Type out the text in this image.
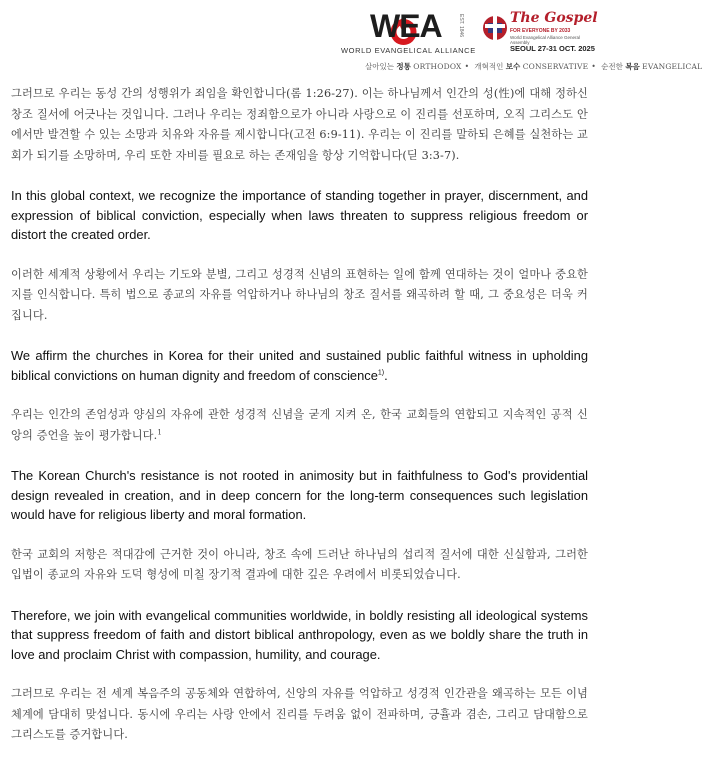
WEA	EST. 1846
WORLD EVANGELICAL ALLIANCE
The Gospel
FOR EVERYONE BY 2033
World Evangelical Alliance General Assembly
SEOUL 27-31 OCT. 2025
살아있는 정통 ORTHODOX • 개혁적인 보수 CONSERVATIVE • 순전한 복음 EVANGELICAL

그러므로 우리는 동성 간의 성행위가 죄임을 확인합니다(롬 1:26-27). 이는 하나님께서 인간의 성(性)에 대해 정하신 창조 질서에 어긋나는 것입니다. 그러나 우리는 정죄함으로가 아니라 사랑으로 이 진리를 선포하며, 오직 그리스도 안에서만 발견할 수 있는 소망과 치유와 자유를 제시합니다(고전 6:9-11). 우리는 이 진리를 말하되 은혜를 실천하는 교회가 되기를 소망하며, 우리 또한 자비를 필요로 하는 존재임을 항상 기억합니다(딛 3:3-7).

In this global context, we recognize the importance of standing together in prayer, discernment, and expression of biblical conviction, especially when laws threaten to suppress religious freedom or distort the created order.

이러한 세계적 상황에서 우리는 기도와 분별, 그리고 성경적 신념의 표현하는 일에 함께 연대하는 것이 얼마나 중요한지를 인식합니다. 특히 법으로 종교의 자유를 억압하거나 하나님의 창조 질서를 왜곡하려 할 때, 그 중요성은 더욱 커집니다.

We affirm the churches in Korea for their united and sustained public faithful witness in upholding biblical convictions on human dignity and freedom of conscience$^{1)}$.

우리는 인간의 존엄성과 양심의 자유에 관한 성경적 신념을 굳게 지켜 온, 한국 교회들의 연합되고 지속적인 공적 신앙의 증언을 높이 평가합니다.$^1$

The Korean Church's resistance is not rooted in animosity but in faithfulness to God's providential design revealed in creation, and in deep concern for the long-term consequences such legislation would have for religious liberty and moral formation.

한국 교회의 저항은 적대감에 근거한 것이 아니라, 창조 속에 드러난 하나님의 섭리적 질서에 대한 신실함과, 그러한 입법이 종교의 자유와 도덕 형성에 미칠 장기적 결과에 대한 깊은 우려에서 비롯되었습니다.

Therefore, we join with evangelical communities worldwide, in boldly resisting all ideological systems that suppress freedom of faith and distort biblical anthropology, even as we boldly share the truth in love and proclaim Christ with compassion, humility, and courage.

그러므로 우리는 전 세계 복음주의 공동체와 연합하여, 신앙의 자유를 억압하고 성경적 인간관을 왜곡하는 모든 이념 체계에 담대히 맞섭니다. 동시에 우리는 사랑 안에서 진리를 두려움 없이 전파하며, 긍휼과 겸손, 그리고 담대함으로 그리스도를 증거합니다.
